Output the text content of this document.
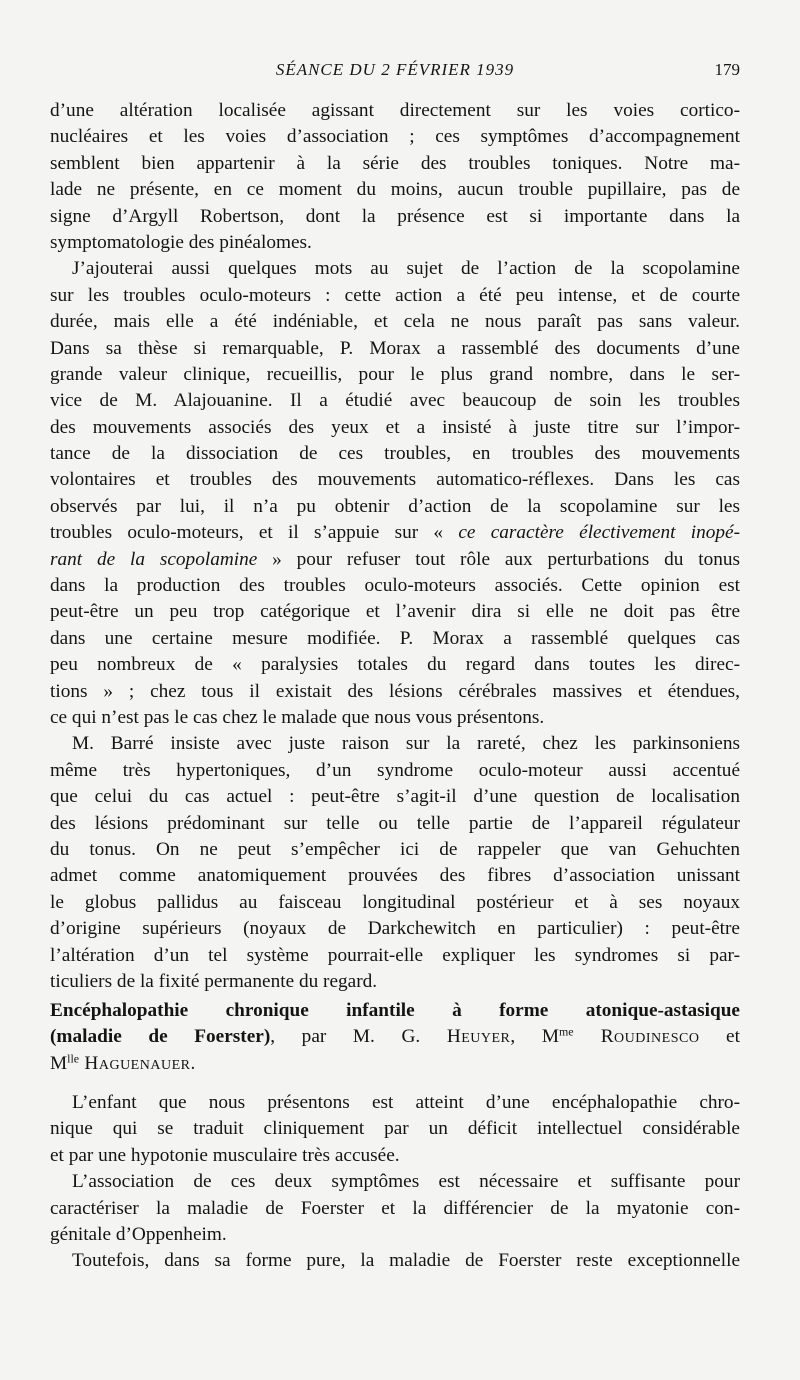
SÉANCE DU 2 FÉVRIER 1939	179
d’une altération localisée agissant directement sur les voies cortico-
nucléaires et les voies d’association ; ces symptômes d’accompagnement
semblent bien appartenir à la série des troubles toniques. Notre ma-
lade ne présente, en ce moment du moins, aucun trouble pupillaire, pas de
signe d’Argyll Robertson, dont la présence est si importante dans la
symptomatologie des pinéalomes.
J’ajouterai aussi quelques mots au sujet de l’action de la scopolamine
sur les troubles oculo-moteurs : cette action a été peu intense, et de courte
durée, mais elle a été indéniable, et cela ne nous paraît pas sans valeur.
Dans sa thèse si remarquable, P. Morax a rassemblé des documents d’une
grande valeur clinique, recueillis, pour le plus grand nombre, dans le ser-
vice de M. Alajouanine. Il a étudié avec beaucoup de soin les troubles
des mouvements associés des yeux et a insisté à juste titre sur l’impor-
tance de la dissociation de ces troubles, en troubles des mouvements
volontaires et troubles des mouvements automatico-réflexes. Dans les cas
observés par lui, il n’a pu obtenir d’action de la scopolamine sur les
troubles oculo-moteurs, et il s’appuie sur « ce caractère électivement inopé-
rant de la scopolamine » pour refuser tout rôle aux perturbations du tonus
dans la production des troubles oculo-moteurs associés. Cette opinion est
peut-être un peu trop catégorique et l’avenir dira si elle ne doit pas être
dans une certaine mesure modifiée. P. Morax a rassemblé quelques cas
peu nombreux de « paralysies totales du regard dans toutes les direc-
tions » ; chez tous il existait des lésions cérébrales massives et étendues,
ce qui n’est pas le cas chez le malade que nous vous présentons.
M. Barré insiste avec juste raison sur la rareté, chez les parkinsoniens
même très hypertoniques, d’un syndrome oculo-moteur aussi accentué
que celui du cas actuel : peut-être s’agit-il d’une question de localisation
des lésions prédominant sur telle ou telle partie de l’appareil régulateur
du tonus. On ne peut s’empêcher ici de rappeler que van Gehuchten
admet comme anatomiquement prouvées des fibres d’association unissant
le globus pallidus au faisceau longitudinal postérieur et à ses noyaux
d’origine supérieurs (noyaux de Darkchewitch en particulier) : peut-être
l’altération d’un tel système pourrait-elle expliquer les syndromes si par-
ticuliers de la fixité permanente du regard.
Encéphalopathie chronique infantile à forme atonique-astasique
(maladie de Foerster), par M. G. Heuyer, $M^{me}$ Roudinesco et
$M^{lle}$ Haguenauer.
L’enfant que nous présentons est atteint d’une encéphalopathie chro-
nique qui se traduit cliniquement par un déficit intellectuel considérable
et par une hypotonie musculaire très accusée.
L’association de ces deux symptômes est nécessaire et suffisante pour
caractériser la maladie de Foerster et la différencier de la myatonie con-
génitale d’Oppenheim.
Toutefois, dans sa forme pure, la maladie de Foerster reste exceptionnelle
